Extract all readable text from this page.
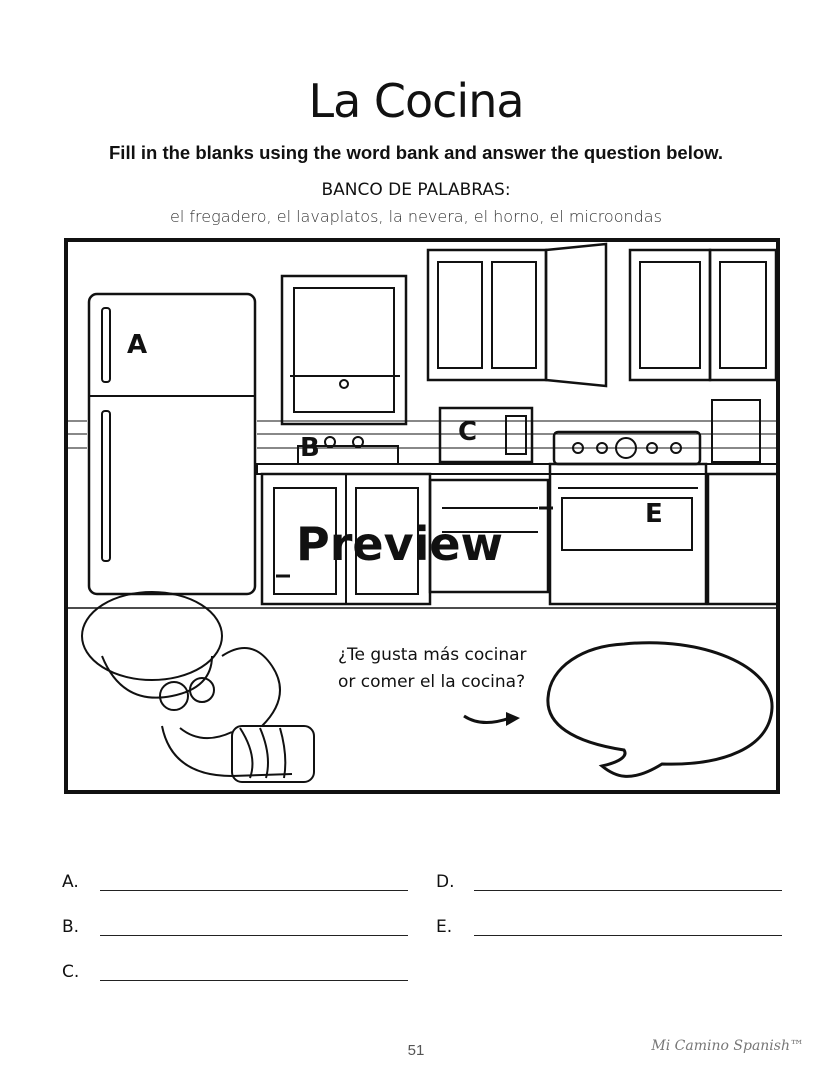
La Cocina
Fill in the blanks using the word bank and answer the question below.
BANCO DE PALABRAS:
el fregadero, el lavaplatos, la nevera, el horno, el microondas
A
B
C
E
Preview
¿Te gusta más cocinar
or comer el la cocina?
A.
B.
C.
D.
E.
51	Mi Camino Spanish™
